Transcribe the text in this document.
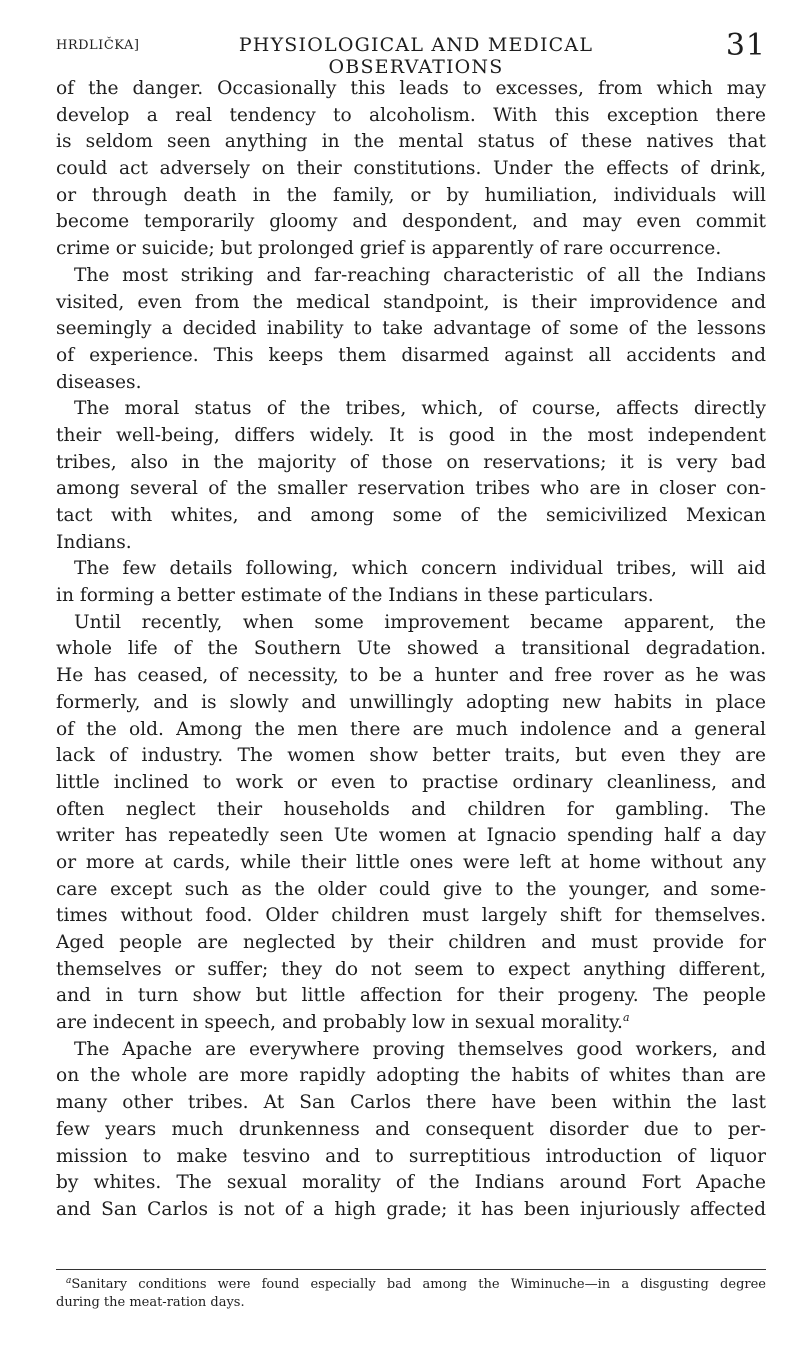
HRDLIČKA]	PHYSIOLOGICAL AND MEDICAL OBSERVATIONS
31
of the danger. Occasionally this leads to excesses, from which may
develop a real tendency to alcoholism. With this exception there
is seldom seen anything in the mental status of these natives that
could act adversely on their constitutions. Under the effects of drink,
or through death in the family, or by humiliation, individuals will
become temporarily gloomy and despondent, and may even commit
crime or suicide; but prolonged grief is apparently of rare occurrence.
The most striking and far-reaching characteristic of all the Indians
visited, even from the medical standpoint, is their improvidence and
seemingly a decided inability to take advantage of some of the lessons
of experience. This keeps them disarmed against all accidents and
diseases.
The moral status of the tribes, which, of course, affects directly
their well-being, differs widely. It is good in the most independent
tribes, also in the majority of those on reservations; it is very bad
among several of the smaller reservation tribes who are in closer con-
tact with whites, and among some of the semicivilized Mexican
Indians.
The few details following, which concern individual tribes, will aid
in forming a better estimate of the Indians in these particulars.
Until recently, when some improvement became apparent, the
whole life of the Southern Ute showed a transitional degradation.
He has ceased, of necessity, to be a hunter and free rover as he was
formerly, and is slowly and unwillingly adopting new habits in place
of the old. Among the men there are much indolence and a general
lack of industry. The women show better traits, but even they are
little inclined to work or even to practise ordinary cleanliness, and
often neglect their households and children for gambling. The
writer has repeatedly seen Ute women at Ignacio spending half a day
or more at cards, while their little ones were left at home without any
care except such as the older could give to the younger, and some-
times without food. Older children must largely shift for themselves.
Aged people are neglected by their children and must provide for
themselves or suffer; they do not seem to expect anything different,
and in turn show but little affection for their progeny. The people
are indecent in speech, and probably low in sexual morality.$^a$
The Apache are everywhere proving themselves good workers, and
on the whole are more rapidly adopting the habits of whites than are
many other tribes. At San Carlos there have been within the last
few years much drunkenness and consequent disorder due to per-
mission to make tesvino and to surreptitious introduction of liquor
by whites. The sexual morality of the Indians around Fort Apache
and San Carlos is not of a high grade; it has been injuriously affected
$^a$Sanitary conditions were found especially bad among the Wiminuche—in a disgusting degree
during the meat-ration days.
